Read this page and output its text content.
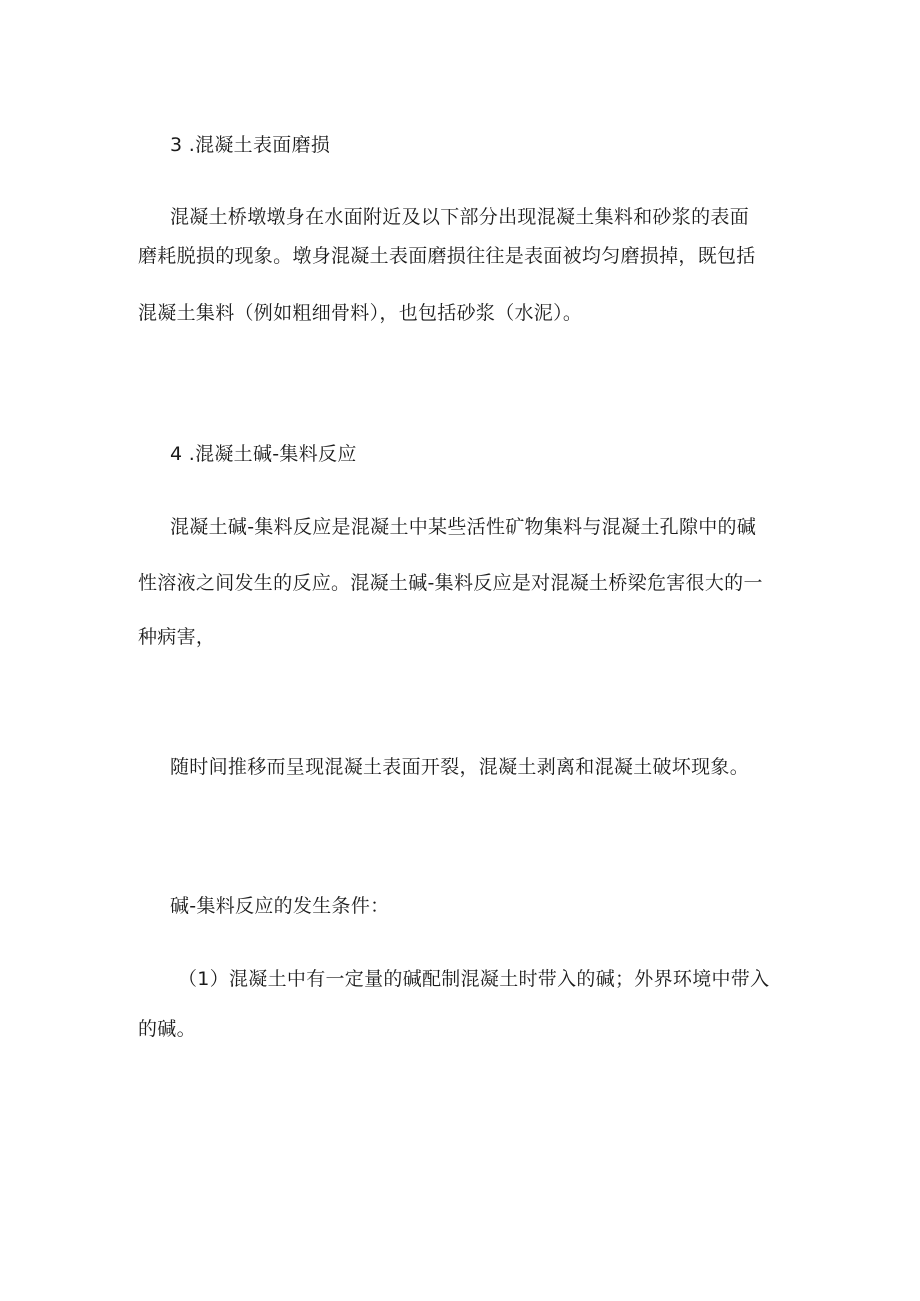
3 .混凝土表面磨损
混凝土桥墩墩身在水面附近及以下部分出现混凝土集料和砂浆的表面
磨耗脱损的现象。墩身混凝土表面磨损往往是表面被均匀磨损掉，既包括
混凝土集料（例如粗细骨料），也包括砂浆（水泥）。
4 .混凝土碱-集料反应
混凝土碱-集料反应是混凝土中某些活性矿物集料与混凝土孔隙中的碱
性溶液之间发生的反应。混凝土碱-集料反应是对混凝土桥梁危害很大的一
种病害，
随时间推移而呈现混凝土表面开裂，混凝土剥离和混凝土破坏现象。
碱-集料反应的发生条件：
（1）混凝土中有一定量的碱配制混凝土时带入的碱；外界环境中带入
的碱。
